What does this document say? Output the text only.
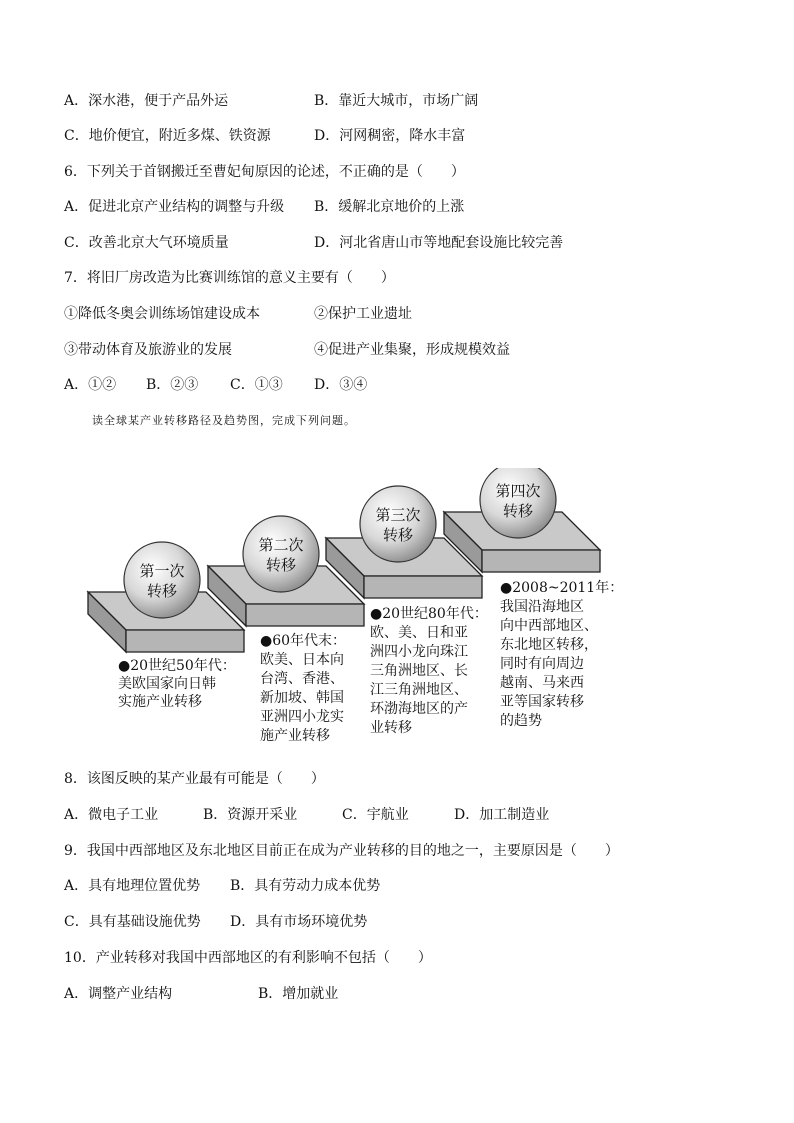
A．深水港，便于产品外运	B．靠近大城市，市场广阔
C．地价便宜，附近多煤、铁资源	D．河网稠密，降水丰富
6．下列关于首钢搬迁至曹妃甸原因的论述，不正确的是（　　）
A．促进北京产业结构的调整与升级 B．缓解北京地价的上涨
C．改善北京大气环境质量	D．河北省唐山市等地配套设施比较完善
7．将旧厂房改造为比赛训练馆的意义主要有（　　）
①降低冬奥会训练场馆建设成本	②保护工业遗址
③带动体育及旅游业的发展	④促进产业集聚，形成规模效益
A．①② B．②③ C．①③ D．③④
读全球某产业转移路径及趋势图，完成下列问题。
第一次
转移
●20世纪50年代：
美欧国家向日韩
实施产业转移
第二次
转移
●60年代末：
欧美、日本向
台湾、香港、
新加坡、韩国
亚洲四小龙实
施产业转移
第三次
转移
●20世纪80年代：
欧、美、日和亚
洲四小龙向珠江
三角洲地区、长
江三角洲地区、
环渤海地区的产
业转移
第四次
转移
●2008~2011年：
我国沿海地区
向中西部地区、
东北地区转移，
同时有向周边
越南、马来西
亚等国家转移
的趋势
8．该图反映的某产业最有可能是（　　）
A．微电子工业	B．资源开采业	C．宇航业	D．加工制造业
9．我国中西部地区及东北地区目前正在成为产业转移的目的地之一，主要原因是（　　）
A．具有地理位置优势 B．具有劳动力成本优势
C．具有基础设施优势 D．具有市场环境优势
10．产业转移对我国中西部地区的有利影响不包括（　　）
A．调整产业结构	B．增加就业
